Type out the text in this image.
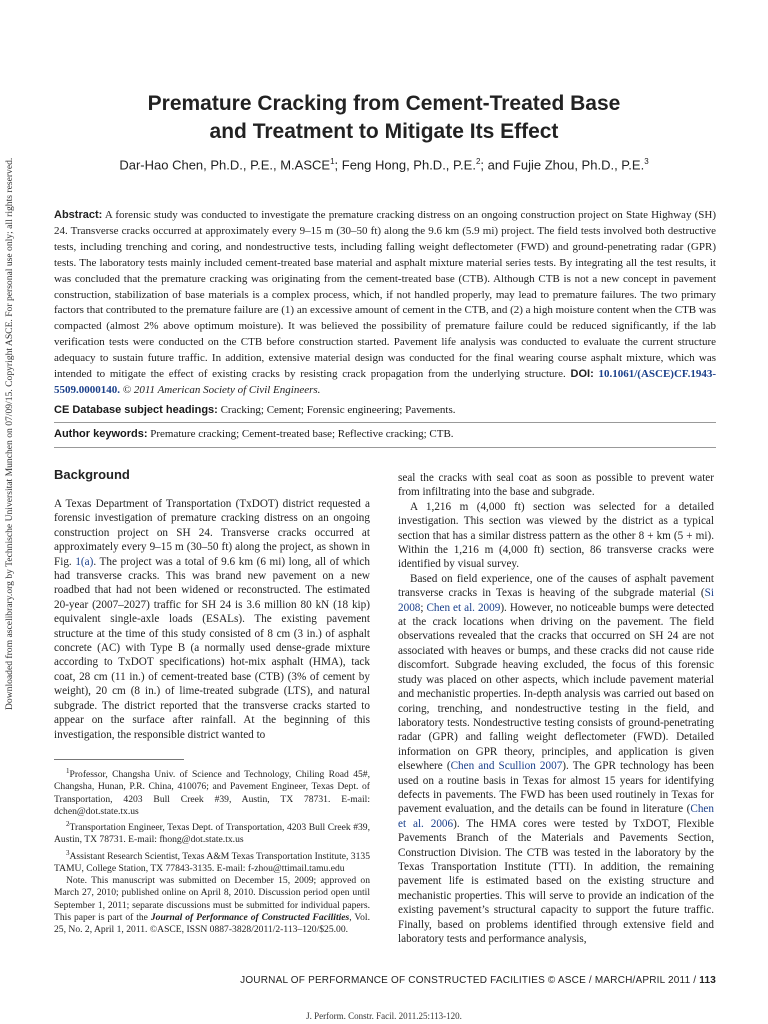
Downloaded from ascelibrary.org by Technische Universitat Munchen on 07/09/15. Copyright ASCE. For personal use only; all rights reserved.
Premature Cracking from Cement-Treated Base
and Treatment to Mitigate Its Effect
Dar-Hao Chen, Ph.D., P.E., M.ASCE$^1$; Feng Hong, Ph.D., P.E.$^2$; and Fujie Zhou, Ph.D., P.E.$^3$
Abstract: A forensic study was conducted to investigate the premature cracking distress on an ongoing construction project on State Highway (SH) 24. Transverse cracks occurred at approximately every 9–15 m (30–50 ft) along the 9.6 km (5.9 mi) project. The field tests involved both destructive tests, including trenching and coring, and nondestructive tests, including falling weight deflectometer (FWD) and ground-penetrating radar (GPR) tests. The laboratory tests mainly included cement-treated base material and asphalt mixture material series tests. By integrating all the test results, it was concluded that the premature cracking was originating from the cement-treated base (CTB). Although CTB is not a new concept in pavement construction, stabilization of base materials is a complex process, which, if not handled properly, may lead to premature failures. The two primary factors that contributed to the premature failure are (1) an excessive amount of cement in the CTB, and (2) a high moisture content when the CTB was compacted (almost 2% above optimum moisture). It was believed the possibility of premature failure could be reduced significantly, if the lab verification tests were conducted on the CTB before construction started. Pavement life analysis was conducted to evaluate the current structure adequacy to sustain future traffic. In addition, extensive material design was conducted for the final wearing course asphalt mixture, which was intended to mitigate the effect of existing cracks by resisting crack propagation from the underlying structure. DOI: 10.1061/(ASCE)CF.1943-5509.0000140. © 2011 American Society of Civil Engineers.
CE Database subject headings: Cracking; Cement; Forensic engineering; Pavements.
Author keywords: Premature cracking; Cement-treated base; Reflective cracking; CTB.
Background

A Texas Department of Transportation (TxDOT) district requested a forensic investigation of premature cracking distress on an ongoing construction project on SH 24. Transverse cracks occurred at approximately every 9–15 m (30–50 ft) along the project, as shown in Fig. 1(a). The project was a total of 9.6 km (6 mi) long, all of which had transverse cracks. This was brand new pavement on a new roadbed that had not been widened or reconstructed. The estimated 20-year (2007–2027) traffic for SH 24 is 3.6 million 80 kN (18 kip) equivalent single-axle loads (ESALs). The existing pavement structure at the time of this study consisted of 8 cm (3 in.) of asphalt concrete (AC) with Type B (a normally used dense-grade mixture according to TxDOT specifications) hot-mix asphalt (HMA), tack coat, 28 cm (11 in.) of cement-treated base (CTB) (3% of cement by weight), 20 cm (8 in.) of lime-treated subgrade (LTS), and natural subgrade. The district reported that the transverse cracks started to appear on the surface after rainfall. At the beginning of this investigation, the responsible district wanted to

$^1$Professor, Changsha Univ. of Science and Technology, Chiling Road 45#, Changsha, Hunan, P.R. China, 410076; and Pavement Engineer, Texas Dept. of Transportation, 4203 Bull Creek #39, Austin, TX 78731. E-mail: dchen@dot.state.tx.us

$^2$Transportation Engineer, Texas Dept. of Transportation, 4203 Bull Creek #39, Austin, TX 78731. E-mail: fhong@dot.state.tx.us

$^3$Assistant Research Scientist, Texas A&M Texas Transportation Institute, 3135 TAMU, College Station, TX 77843-3135. E-mail: f-zhou@ttimail.tamu.edu

Note. This manuscript was submitted on December 15, 2009; approved on March 27, 2010; published online on April 8, 2010. Discussion period open until September 1, 2011; separate discussions must be submitted for individual papers. This paper is part of the Journal of Performance of Constructed Facilities, Vol. 25, No. 2, April 1, 2011. ©ASCE, ISSN 0887-3828/2011/2-113–120/$25.00.

seal the cracks with seal coat as soon as possible to prevent water from infiltrating into the base and subgrade.

A 1,216 m (4,000 ft) section was selected for a detailed investigation. This section was viewed by the district as a typical section that has a similar distress pattern as the other 8 + km (5 + mi). Within the 1,216 m (4,000 ft) section, 86 transverse cracks were identified by visual survey.

Based on field experience, one of the causes of asphalt pavement transverse cracks in Texas is heaving of the subgrade material (Si 2008; Chen et al. 2009). However, no noticeable bumps were detected at the crack locations when driving on the pavement. The field observations revealed that the cracks that occurred on SH 24 are not associated with heaves or bumps, and these cracks did not cause ride discomfort. Subgrade heaving excluded, the focus of this forensic study was placed on other aspects, which include pavement material and mechanistic properties. In-depth analysis was carried out based on coring, trenching, and nondestructive testing in the field, and laboratory tests. Nondestructive testing consists of ground-penetrating radar (GPR) and falling weight deflectometer (FWD). Detailed information on GPR theory, principles, and application is given elsewhere (Chen and Scullion 2007). The GPR technology has been used on a routine basis in Texas for almost 15 years for identifying defects in pavements. The FWD has been used routinely in Texas for pavement evaluation, and the details can be found in literature (Chen et al. 2006). The HMA cores were tested by TxDOT, Flexible Pavements Branch of the Materials and Pavements Section, Construction Division. The CTB was tested in the laboratory by the Texas Transportation Institute (TTI). In addition, the remaining pavement life is estimated based on the existing structure and mechanistic properties. This will serve to provide an indication of the existing pavement’s structural capacity to support the future traffic. Finally, based on problems identified through extensive field and laboratory tests and performance analysis,

JOURNAL OF PERFORMANCE OF CONSTRUCTED FACILITIES © ASCE / MARCH/APRIL 2011 / 113
J. Perform. Constr. Facil. 2011.25:113-120.
